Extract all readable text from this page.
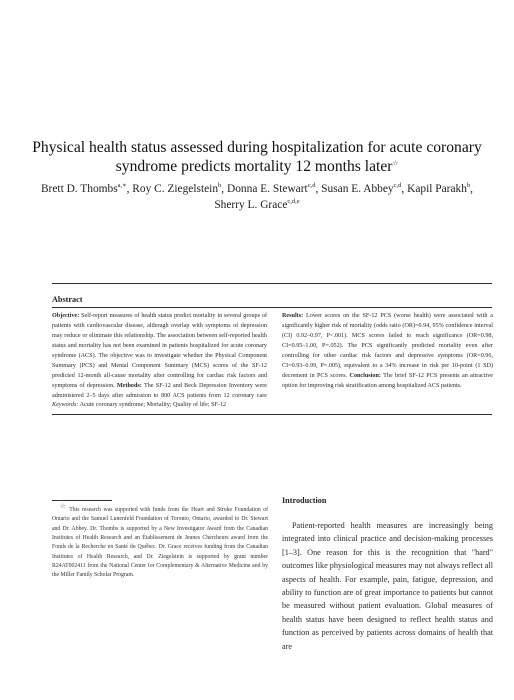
Physical health status assessed during hospitalization for acute coronary syndrome predicts mortality 12 months later☆
Brett D. Thombs$^{a,∗}$, Roy C. Ziegelstein$^b$, Donna E. Stewart$^{c,d}$, Susan E. Abbey$^{c,d}$, Kapil Parakh$^b$, Sherry L. Grace$^{c,d,e}$
Abstract
Objective: Self-report measures of health status predict mortality in several groups of patients with cardiovascular disease, although overlap with symptoms of depression may reduce or eliminate this relationship. The association between self-reported health status and mortality has not been examined in patients hospitalized for acute coronary syndrome (ACS). The objective was to investigate whether the Physical Component Summary (PCS) and Mental Component Summary (MCS) scores of the SF-12 predicted 12-month all-cause mortality after controlling for cardiac risk factors and symptoms of depression. Methods: The SF-12 and Beck Depression Inventory were administered 2–5 days after admission to 800 ACS patients from 12 coronary care
Results: Lower scores on the SF-12 PCS (worse health) were associated with a significantly higher risk of mortality (odds ratio (OR)=0.94, 95% confidence interval (CI) 0.92–0.97, P<.001). MCS scores failed to reach significance (OR=0.98, CI=0.95–1.00, P=.052). The PCS significantly predicted mortality even after controlling for other cardiac risk factors and depressive symptoms (OR=0.96, CI=0.93–0.99, P=.005), equivalent to a 34% increase in risk per 10-point (1 SD) decrement in PCS scores. Conclusion: The brief SF-12 PCS presents an attractive option for improving risk stratification among hospitalized ACS patients.
Keywords: Acute coronary syndrome; Mortality; Quality of life; SF-12
☆ This research was supported with funds from the Heart and Stroke Foundation of Ontario and the Samuel Lunenfeld Foundation of Toronto, Ontario, awarded to Dr. Stewart and Dr. Abbey. Dr. Thombs is supported by a New Investigator Award from the Canadian Institutes of Health Research and an Établissement de Jeunes Chercheurs award from the Fonds de la Recherche en Santé du Québec. Dr. Grace receives funding from the Canadian Institutes of Health Research, and Dr. Ziegelstein is supported by grant number R24AT002411 from the National Center for Complementary & Alternative Medicine and by the Miller Family Scholar Program.
Introduction
Patient-reported health measures are increasingly being integrated into clinical practice and decision-making processes [1–3]. One reason for this is the recognition that "hard" outcomes like physiological measures may not always reflect all aspects of health. For example, pain, fatigue, depression, and ability to function are of great importance to patients but cannot be measured without patient evaluation. Global measures of health status have been designed to reflect health status and function as perceived by patients across domains of health that are
